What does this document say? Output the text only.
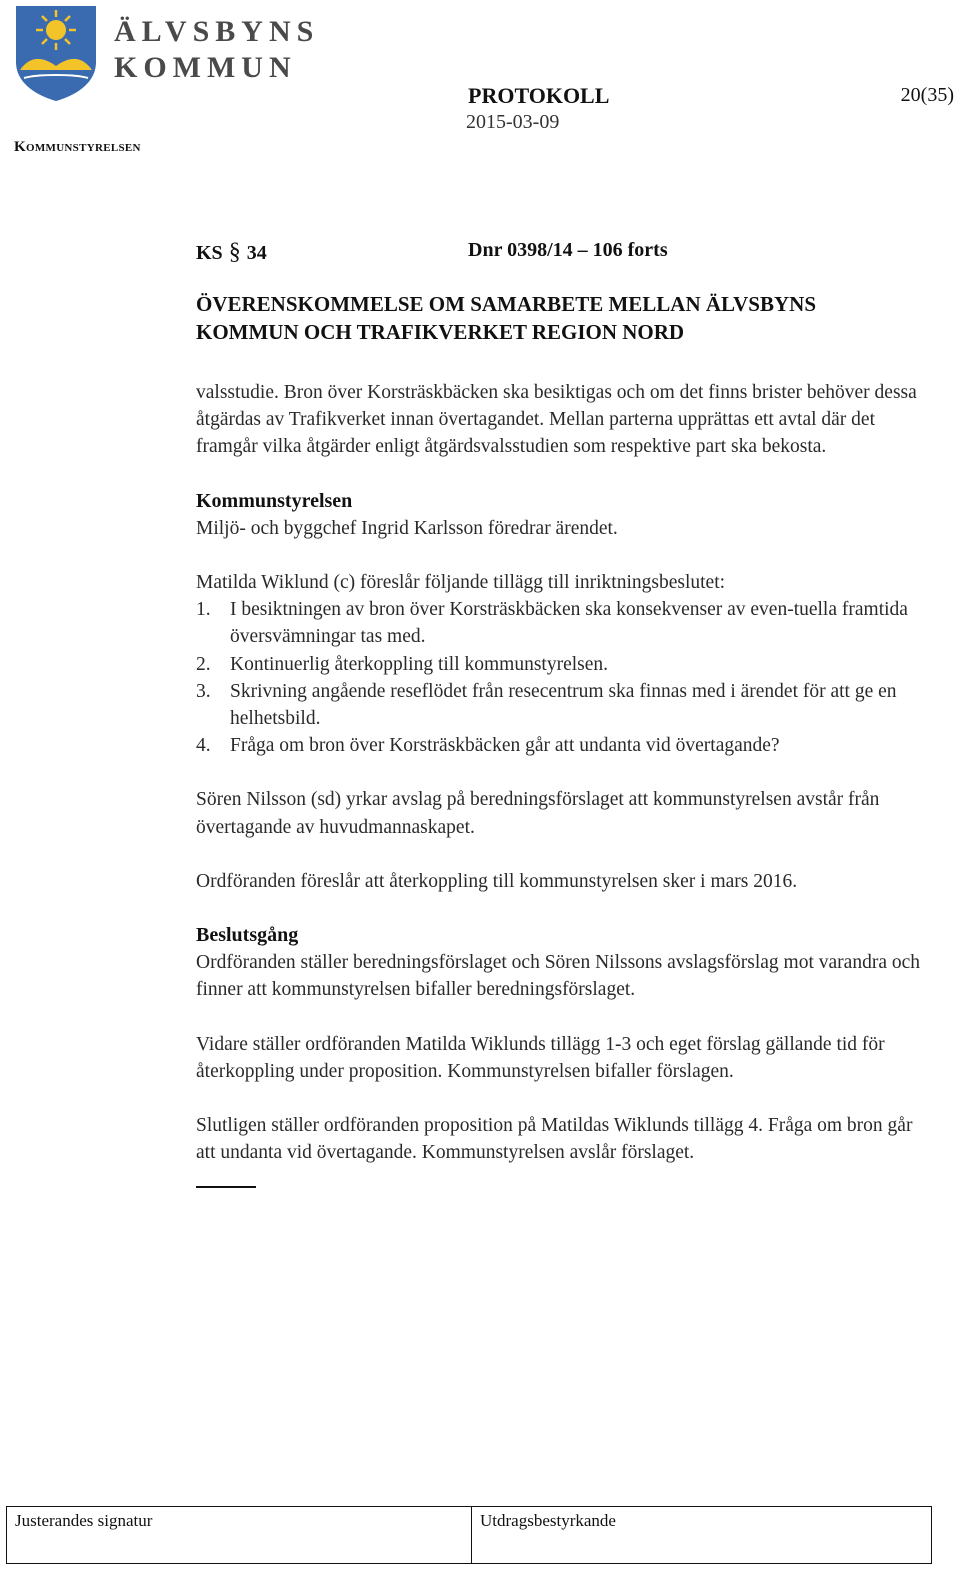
ÄLVSBYNS
KOMMUN
Kommunstyrelsen
PROTOKOLL	20(35)
2015-03-09
KS § 34	Dnr 0398/14 – 106 forts
ÖVERENSKOMMELSE OM SAMARBETE MELLAN ÄLVSBYNS
KOMMUN OCH TRAFIKVERKET REGION NORD

valsstudie. Bron över Korsträskbäcken ska besiktigas och om det finns brister behöver dessa åtgärdas av Trafikverket innan övertagandet. Mellan parterna upprättas ett avtal där det framgår vilka åtgärder enligt åtgärdsvalsstudien som respektive part ska bekosta.

Kommunstyrelsen

Miljö- och byggchef Ingrid Karlsson föredrar ärendet.

Matilda Wiklund (c) föreslår följande tillägg till inriktningsbeslutet:

1. I besiktningen av bron över Korsträskbäcken ska konsekvenser av even-tuella framtida översvämningar tas med.
2. Kontinuerlig återkoppling till kommunstyrelsen.
3. Skrivning angående reseflödet från resecentrum ska finnas med i ärendet för att ge en helhetsbild.
4. Fråga om bron över Korsträskbäcken går att undanta vid övertagande?

Sören Nilsson (sd) yrkar avslag på beredningsförslaget att kommunstyrelsen avstår från övertagande av huvudmannaskapet.

Ordföranden föreslår att återkoppling till kommunstyrelsen sker i mars 2016.

Beslutsgång

Ordföranden ställer beredningsförslaget och Sören Nilssons avslagsförslag mot varandra och finner att kommunstyrelsen bifaller beredningsförslaget.

Vidare ställer ordföranden Matilda Wiklunds tillägg 1-3 och eget förslag gällande tid för återkoppling under proposition. Kommunstyrelsen bifaller förslagen.

Slutligen ställer ordföranden proposition på Matildas Wiklunds tillägg 4. Fråga om bron går att undanta vid övertagande. Kommunstyrelsen avslår förslaget.

Justerandes signatur	Utdragsbestyrkande
